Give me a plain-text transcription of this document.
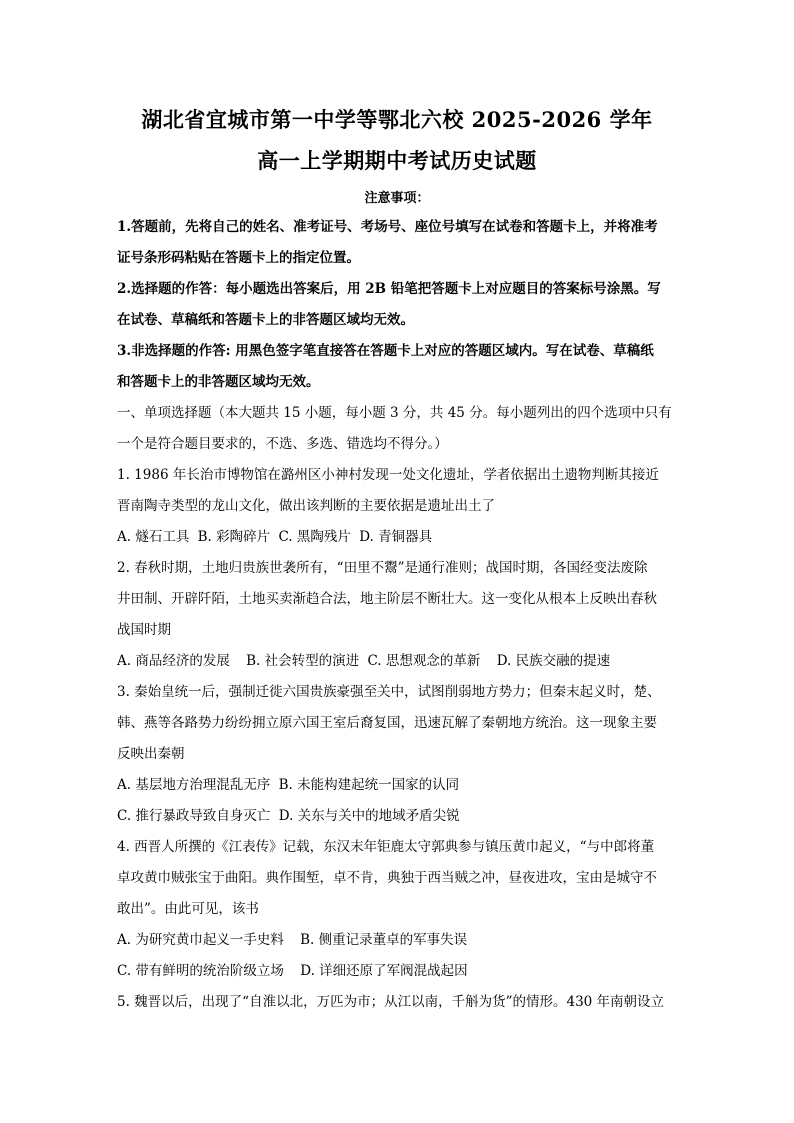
湖北省宜城市第一中学等鄂北六校 2025-2026 学年
高一上学期期中考试历史试题
注意事项：
1.答题前，先将自己的姓名、准考证号、考场号、座位号填写在试卷和答题卡上，并将准考
证号条形码粘贴在答题卡上的指定位置。
2.选择题的作答：每小题选出答案后，用 2B 铅笔把答题卡上对应题目的答案标号涂黑。写
在试卷、草稿纸和答题卡上的非答题区域均无效。
3.非选择题的作答: 用黑色签字笔直接答在答题卡上对应的答题区域内。写在试卷、草稿纸
和答题卡上的非答题区域均无效。
一、单项选择题（本大题共 15 小题，每小题 3 分，共 45 分。每小题列出的四个选项中只有
一个是符合题目要求的，不选、多选、错选均不得分。）
1. 1986 年长治市博物馆在潞州区小神村发现一处文化遗址，学者依据出土遗物判断其接近
晋南陶寺类型的龙山文化，做出该判断的主要依据是遗址出土了
A. 燧石工具 B. 彩陶碎片 C. 黑陶残片 D. 青铜器具
2. 春秋时期，土地归贵族世袭所有，“田里不鬻”是通行准则；战国时期，各国经变法废除
井田制、开辟阡陌，土地买卖渐趋合法，地主阶层不断壮大。这一变化从根本上反映出春秋
战国时期
A. 商品经济的发展 B. 社会转型的演进 C. 思想观念的革新 D. 民族交融的提速
3. 秦始皇统一后，强制迁徙六国贵族豪强至关中，试图削弱地方势力；但秦末起义时，楚、
韩、燕等各路势力纷纷拥立原六国王室后裔复国，迅速瓦解了秦朝地方统治。这一现象主要
反映出秦朝
A. 基层地方治理混乱无序 B. 未能构建起统一国家的认同
C. 推行暴政导致自身灭亡 D. 关东与关中的地域矛盾尖锐
4. 西晋人所撰的《江表传》记载，东汉末年钜鹿太守郭典参与镇压黄巾起义，“与中郎将董
卓攻黄巾贼张宝于曲阳。典作围堑，卓不肯，典独于西当贼之冲，昼夜进攻，宝由是城守不
敢出”。由此可见，该书
A. 为研究黄巾起义一手史料 B. 侧重记录董卓的军事失误
C. 带有鲜明的统治阶级立场 D. 详细还原了军阀混战起因
5. 魏晋以后，出现了“自淮以北，万匹为市；从江以南，千斛为货”的情形。430 年南朝设立
